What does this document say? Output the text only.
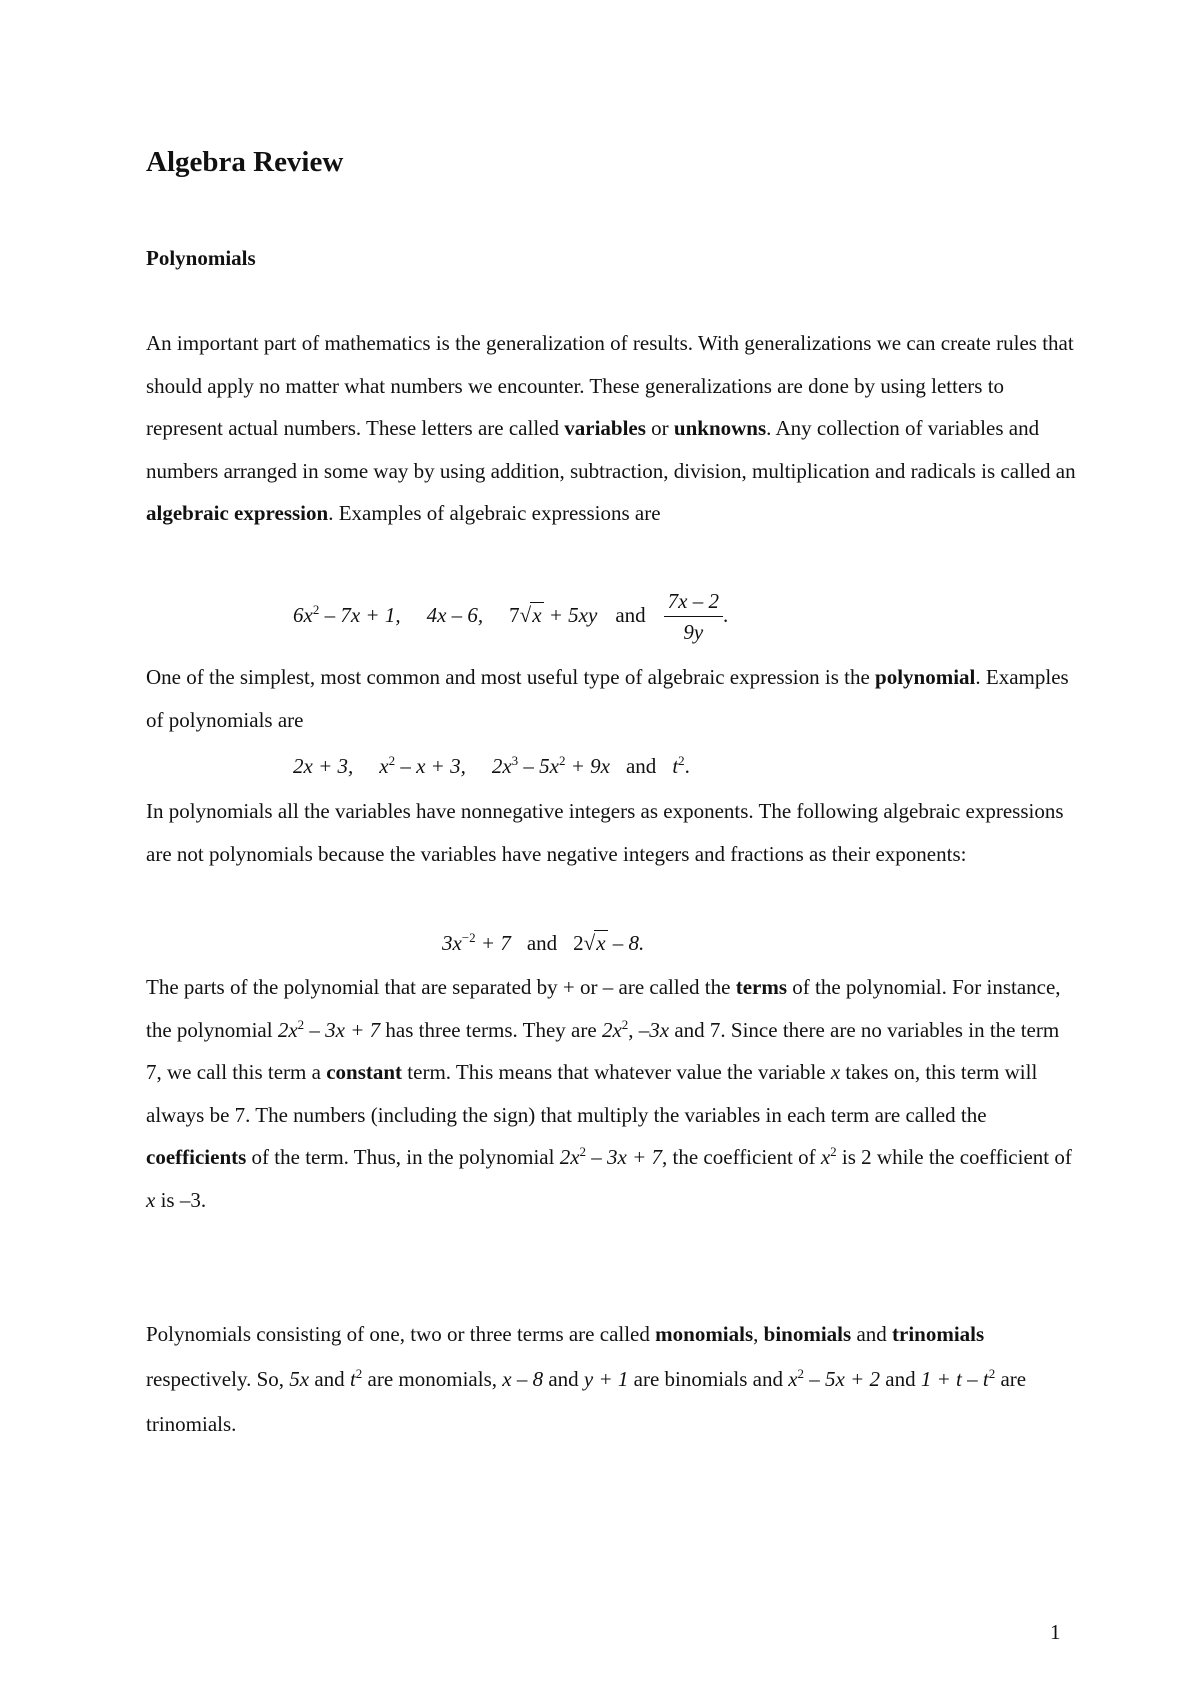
Algebra Review
Polynomials

An important part of mathematics is the generalization of results. With generalizations we can create rules that should apply no matter what numbers we encounter. These generalizations are done by using letters to represent actual numbers. These letters are called variables or unknowns. Any collection of variables and numbers arranged in some way by using addition, subtraction, division, multiplication and radicals is called an algebraic expression. Examples of algebraic expressions are

$6x^2 - 7x + 1$, 4x – 6, 7√x + 5xy and $\frac{7x - 2}{9y}$ .

One of the simplest, most common and most useful type of algebraic expression is the polynomial. Examples of polynomials are

2x + 3, $x^2 - x + 3$, $2x^3 - 5x^2 + 9x$ and $t^2$.

In polynomials all the variables have nonnegative integers as exponents. The following algebraic expressions are not polynomials because the variables have negative integers and fractions as their exponents:

$3x^{-2} + 7$ and 2√x – 8.

The parts of the polynomial that are separated by + or – are called the terms of the polynomial. For instance, the polynomial $2x^2 - 3x + 7$ has three terms. They are $2x^2$, –3x and 7. Since there are no variables in the term 7, we call this term a constant term. This means that whatever value the variable x takes on, this term will always be 7. The numbers (including the sign) that multiply the variables in each term are called the coefficients of the term. Thus, in the polynomial $2x^2 - 3x + 7$, the coefficient of $x^2$ is 2 while the coefficient of x is –3.

Polynomials consisting of one, two or three terms are called monomials, binomials and trinomials respectively. So, 5x and $t^2$ are monomials, x – 8 and y + 1 are binomials and $x^2 - 5x + 2$ and $1 + t - t^2$ are trinomials.

1
